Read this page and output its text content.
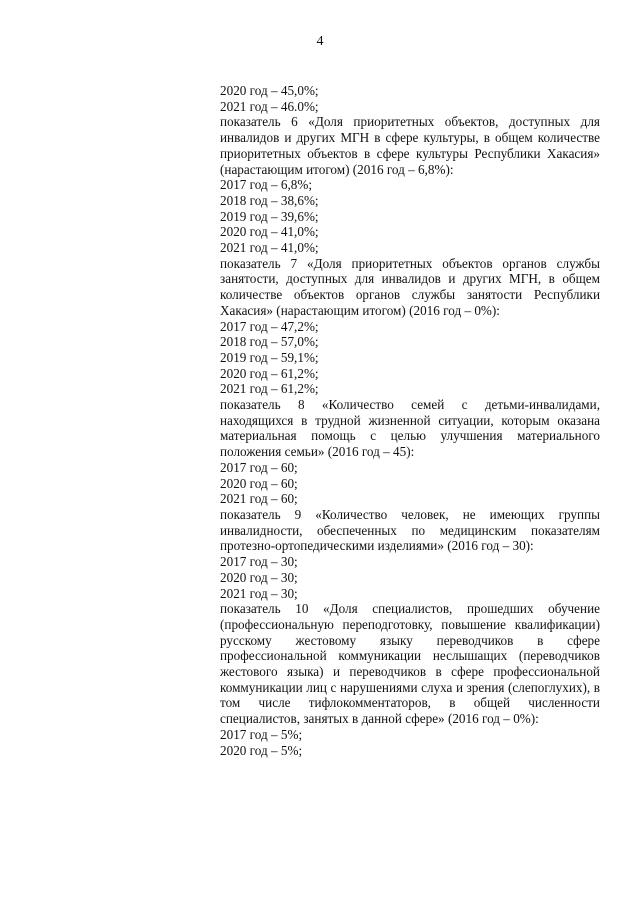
4
2020 год – 45,0%;
2021 год – 46.0%;
показатель 6 «Доля приоритетных объектов, доступных для инвалидов и других МГН в сфере культуры, в общем количестве приоритетных объектов в сфере культуры Республики Хакасия» (нарастающим итогом) (2016 год – 6,8%):
2017 год – 6,8%;
2018 год – 38,6%;
2019 год – 39,6%;
2020 год – 41,0%;
2021 год – 41,0%;
показатель 7 «Доля приоритетных объектов органов службы занятости, доступных для инвалидов и других МГН, в общем количестве объектов органов службы занятости Республики Хакасия» (нарастающим итогом) (2016 год – 0%):
2017 год – 47,2%;
2018 год – 57,0%;
2019 год – 59,1%;
2020 год – 61,2%;
2021 год – 61,2%;
показатель 8 «Количество семей с детьми-инвалидами, находящихся в трудной жизненной ситуации, которым оказана материальная помощь с целью улучшения материального положения семьи» (2016 год – 45):
2017 год – 60;
2020 год – 60;
2021 год – 60;
показатель 9 «Количество человек, не имеющих группы инвалидности, обеспеченных по медицинским показателям протезно-ортопедическими изделиями» (2016 год – 30):
2017 год – 30;
2020 год – 30;
2021 год – 30;
показатель 10 «Доля специалистов, прошедших обучение (профессиональную переподготовку, повышение квалификации) русскому жестовому языку переводчиков в сфере профессиональной коммуникации неслышащих (переводчиков жестового языка) и переводчиков в сфере профессиональной коммуникации лиц с нарушениями слуха и зрения (слепоглухих), в том числе тифлокомментаторов, в общей численности специалистов, занятых в данной сфере» (2016 год – 0%):
2017 год – 5%;
2020 год – 5%;
